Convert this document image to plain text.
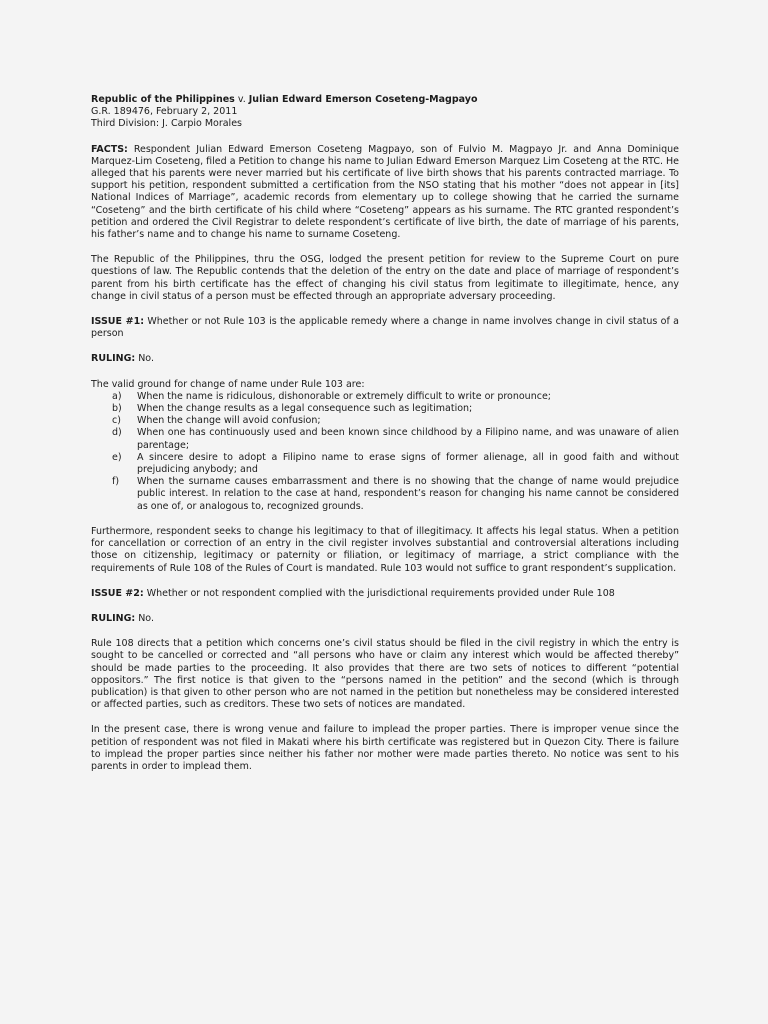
Republic of the Philippines v. Julian Edward Emerson Coseteng-Magpayo

G.R. 189476, February 2, 2011

Third Division: J. Carpio Morales

FACTS: Respondent Julian Edward Emerson Coseteng Magpayo, son of Fulvio M. Magpayo Jr. and Anna Dominique Marquez-Lim Coseteng, filed a Petition to change his name to Julian Edward Emerson Marquez Lim Coseteng at the RTC. He alleged that his parents were never married but his certificate of live birth shows that his parents contracted marriage. To support his petition, respondent submitted a certification from the NSO stating that his mother “does not appear in [its] National Indices of Marriage”, academic records from elementary up to college showing that he carried the surname “Coseteng” and the birth certificate of his child where “Coseteng” appears as his surname. The RTC granted respondent’s petition and ordered the Civil Registrar to delete respondent’s certificate of live birth, the date of marriage of his parents, his father’s name and to change his name to surname Coseteng.

The Republic of the Philippines, thru the OSG, lodged the present petition for review to the Supreme Court on pure questions of law. The Republic contends that the deletion of the entry on the date and place of marriage of respondent’s parent from his birth certificate has the effect of changing his civil status from legitimate to illegitimate, hence, any change in civil status of a person must be effected through an appropriate adversary proceeding.

ISSUE #1: Whether or not Rule 103 is the applicable remedy where a change in name involves change in civil status of a person

RULING: No.

The valid ground for change of name under Rule 103 are:

a)	When the name is ridiculous, dishonorable or extremely difficult to write or pronounce;
b)	When the change results as a legal consequence such as legitimation;
c)	When the change will avoid confusion;
d)	When one has continuously used and been known since childhood by a Filipino name, and was unaware of alien parentage;
e)	A sincere desire to adopt a Filipino name to erase signs of former alienage, all in good faith and without prejudicing anybody; and
f)	When the surname causes embarrassment and there is no showing that the change of name would prejudice public interest. In relation to the case at hand, respondent’s reason for changing his name cannot be considered as one of, or analogous to, recognized grounds.

Furthermore, respondent seeks to change his legitimacy to that of illegitimacy. It affects his legal status. When a petition for cancellation or correction of an entry in the civil register involves substantial and controversial alterations including those on citizenship, legitimacy or paternity or filiation, or legitimacy of marriage, a strict compliance with the requirements of Rule 108 of the Rules of Court is mandated. Rule 103 would not suffice to grant respondent’s supplication.

ISSUE #2: Whether or not respondent complied with the jurisdictional requirements provided under Rule 108

RULING: No.

Rule 108 directs that a petition which concerns one’s civil status should be filed in the civil registry in which the entry is sought to be cancelled or corrected and “all persons who have or claim any interest which would be affected thereby” should be made parties to the proceeding. It also provides that there are two sets of notices to different “potential oppositors.” The first notice is that given to the “persons named in the petition” and the second (which is through publication) is that given to other person who are not named in the petition but nonetheless may be considered interested or affected parties, such as creditors. These two sets of notices are mandated.

In the present case, there is wrong venue and failure to implead the proper parties. There is improper venue since the petition of respondent was not filed in Makati where his birth certificate was registered but in Quezon City. There is failure to implead the proper parties since neither his father nor mother were made parties thereto. No notice was sent to his parents in order to implead them.
